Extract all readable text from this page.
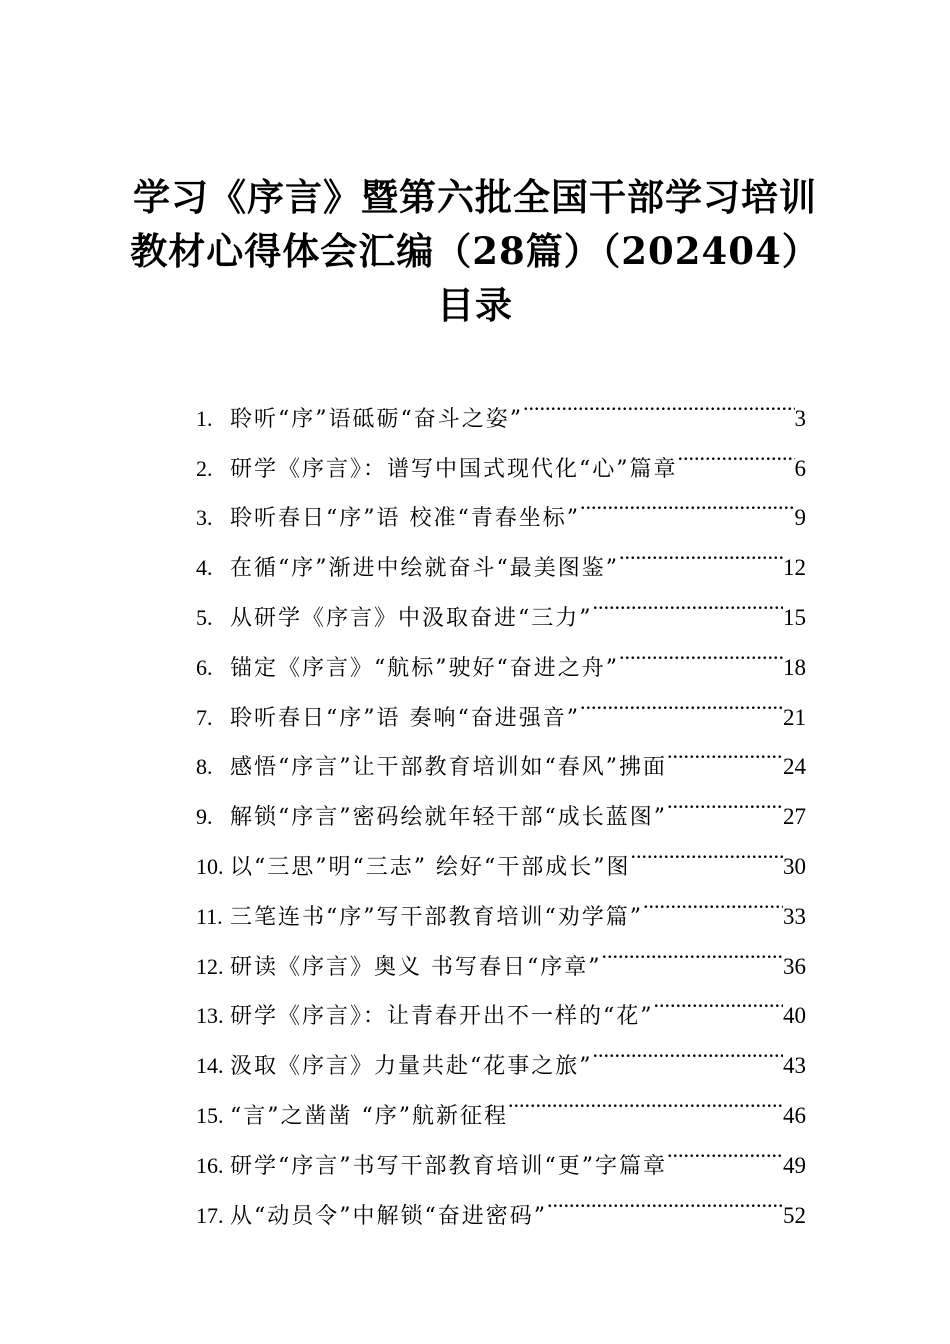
学习《序言》暨第六批全国干部学习培训
教材心得体会汇编（28篇）（202404）
目录
1. 聆听“序”语砥砺“奋斗之姿” .....	3
2. 研学《序言》：谱写中国式现代化“心”篇章 .....	6
3. 聆听春日“序”语 校准“青春坐标” .....	9
4. 在循“序”渐进中绘就奋斗“最美图鉴” .....	12
5. 从研学《序言》中汲取奋进“三力” .....	15
6. 锚定《序言》“航标”驶好“奋进之舟” .....	18
7. 聆听春日“序”语 奏响“奋进强音” .....	21
8. 感悟“序言”让干部教育培训如“春风”拂面 .....	24
9. 解锁“序言”密码绘就年轻干部“成长蓝图” .....	27
10. 以“三思”明“三志” 绘好“干部成长”图 .....	30
11. 三笔连书“序”写干部教育培训“劝学篇” .....	33
12. 研读《序言》奥义 书写春日“序章” .....	36
13. 研学《序言》：让青春开出不一样的“花” .....	40
14. 汲取《序言》力量共赴“花事之旅” .....	43
15. “言”之凿凿 “序”航新征程 .....	46
16. 研学“序言”书写干部教育培训“更”字篇章 .....	49
17. 从“动员令”中解锁“奋进密码” .....	52
